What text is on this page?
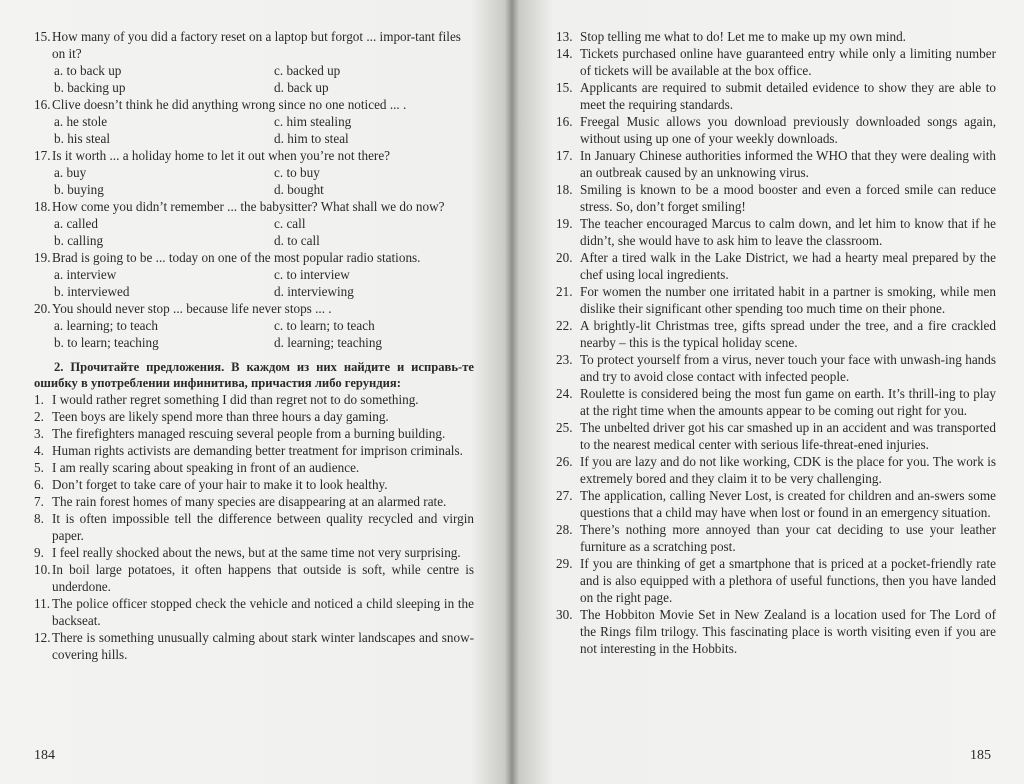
15. How many of you did a factory reset on a laptop but forgot ... impor-tant files on it?
a. to back up	c. backed up
b. backing up	d. back up
16. Clive doesn’t think he did anything wrong since no one noticed ... .
a. he stole	c. him stealing
b. his steal	d. him to steal
17. Is it worth ... a holiday home to let it out when you’re not there?
a. buy	c. to buy
b. buying	d. bought
18. How come you didn’t remember ... the babysitter? What shall we do now?
a. called	c. call
b. calling	d. to call
19. Brad is going to be ... today on one of the most popular radio stations.
a. interview	c. to interview
b. interviewed	d. interviewing
20. You should never stop ... because life never stops ... .
a. learning; to teach	c. to learn; to teach
b. to learn; teaching	d. learning; teaching

2. Прочитайте предложения. В каждом из них найдите и исправь-те ошибку в употреблении инфинитива, причастия либо герундия:

1. I would rather regret something I did than regret not to do something.

2. Teen boys are likely spend more than three hours a day gaming.

3. The firefighters managed rescuing several people from a burning building.

4. Human rights activists are demanding better treatment for imprison criminals.

5. I am really scaring about speaking in front of an audience.

6. Don’t forget to take care of your hair to make it to look healthy.

7. The rain forest homes of many species are disappearing at an alarmed rate.

8. It is often impossible tell the difference between quality recycled and virgin paper.

9. I feel really shocked about the news, but at the same time not very surprising.

10. In boil large potatoes, it often happens that outside is soft, while centre is underdone.

11. The police officer stopped check the vehicle and noticed a child sleeping in the backseat.

12. There is something unusually calming about stark winter landscapes and snow-covering hills.

184

13. Stop telling me what to do! Let me to make up my own mind.

14. Tickets purchased online have guaranteed entry while only a limiting number of tickets will be available at the box office.

15. Applicants are required to submit detailed evidence to show they are able to meet the requiring standards.

16. Freegal Music allows you download previously downloaded songs again, without using up one of your weekly downloads.

17. In January Chinese authorities informed the WHO that they were dealing with an outbreak caused by an unknowing virus.

18. Smiling is known to be a mood booster and even a forced smile can reduce stress. So, don’t forget smiling!

19. The teacher encouraged Marcus to calm down, and let him to know that if he didn’t, she would have to ask him to leave the classroom.

20. After a tired walk in the Lake District, we had a hearty meal prepared by the chef using local ingredients.

21. For women the number one irritated habit in a partner is smoking, while men dislike their significant other spending too much time on their phone.

22. A brightly-lit Christmas tree, gifts spread under the tree, and a fire crackled nearby – this is the typical holiday scene.

23. To protect yourself from a virus, never touch your face with unwash-ing hands and try to avoid close contact with infected people.

24. Roulette is considered being the most fun game on earth. It’s thrill-ing to play at the right time when the amounts appear to be coming out right for you.

25. The unbelted driver got his car smashed up in an accident and was transported to the nearest medical center with serious life-threat-ened injuries.

26. If you are lazy and do not like working, CDK is the place for you. The work is extremely bored and they claim it to be very challenging.

27. The application, calling Never Lost, is created for children and an-swers some questions that a child may have when lost or found in an emergency situation.

28. There’s nothing more annoyed than your cat deciding to use your leather furniture as a scratching post.

29. If you are thinking of get a smartphone that is priced at a pocket-friendly rate and is also equipped with a plethora of useful functions, then you have landed on the right page.

30. The Hobbiton Movie Set in New Zealand is a location used for The Lord of the Rings film trilogy. This fascinating place is worth visiting even if you are not interesting in the Hobbits.

185
